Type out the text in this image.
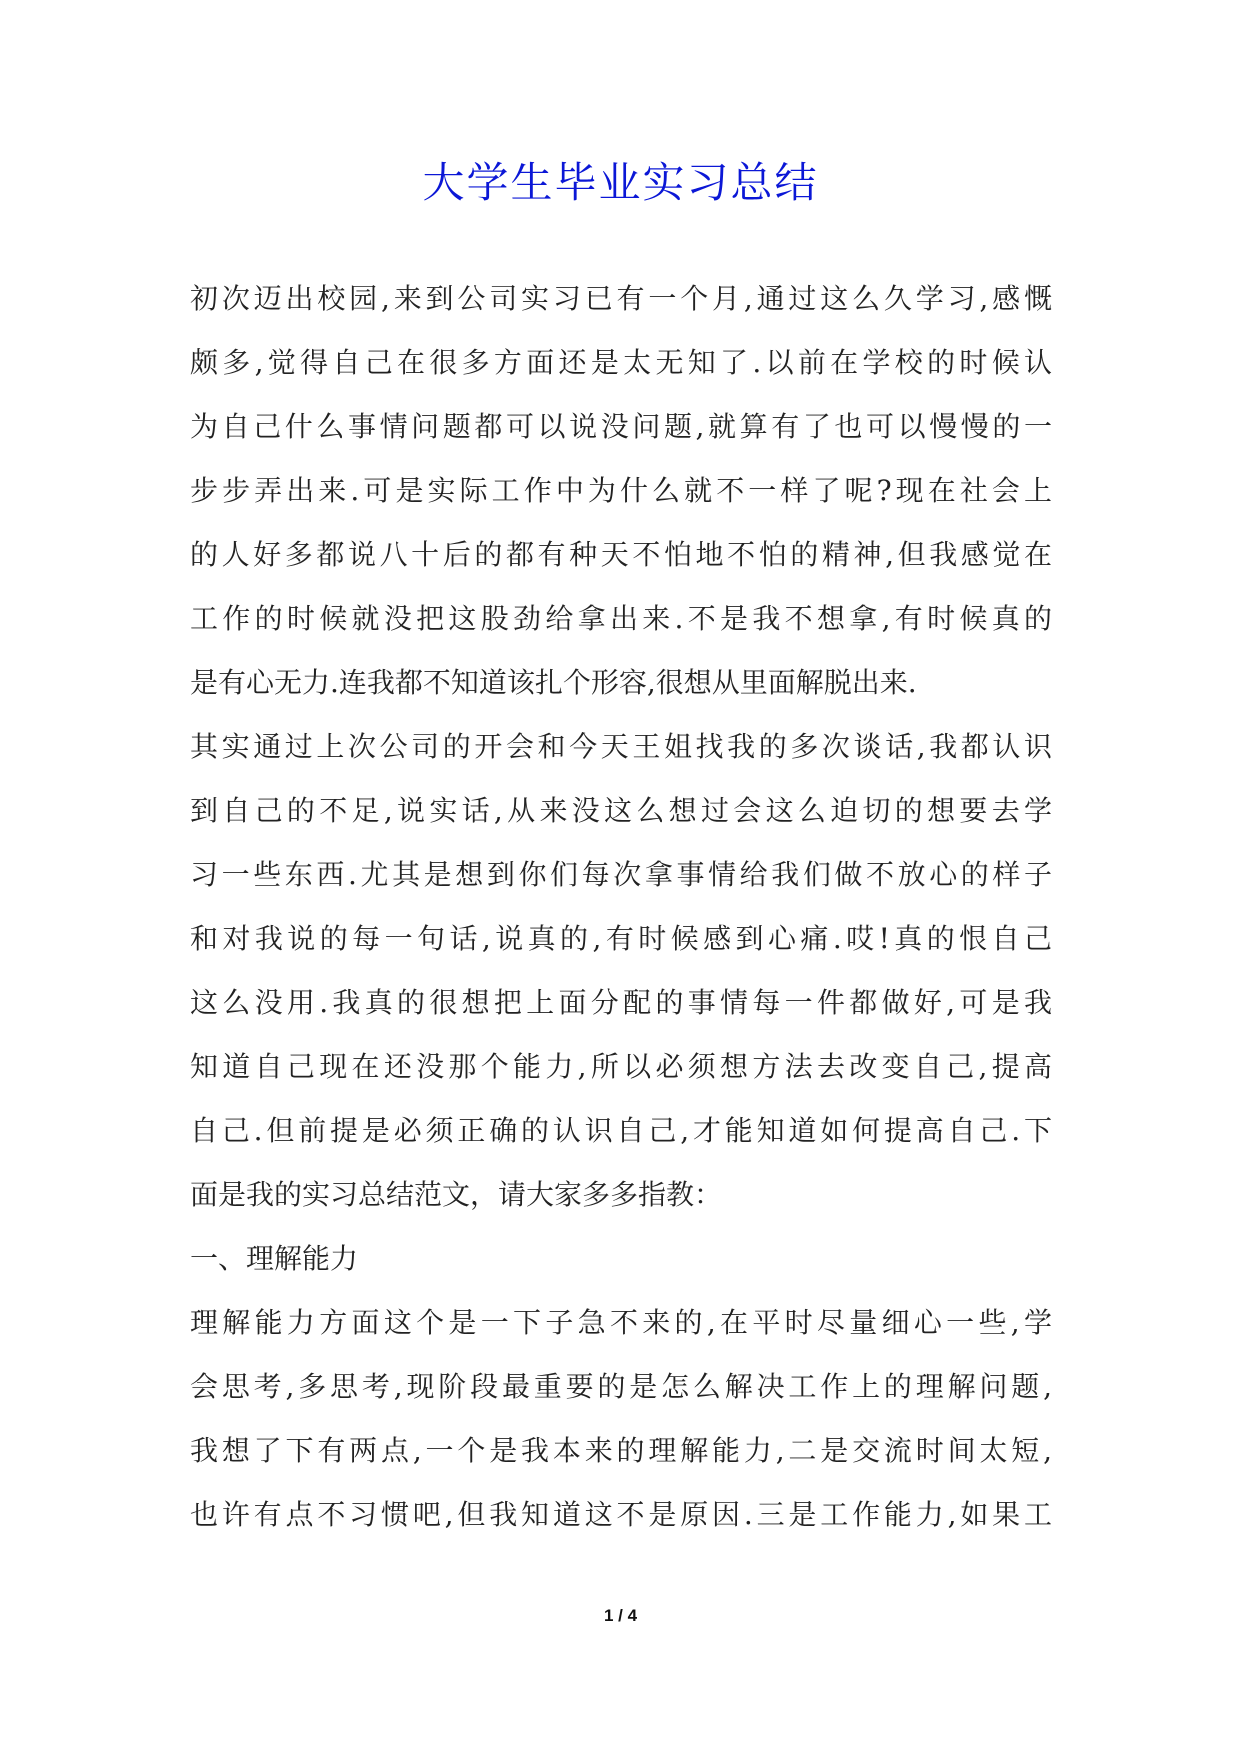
大学生毕业实习总结
初次迈出校园,来到公司实习已有一个月,通过这么久学习,感慨
颇多,觉得自己在很多方面还是太无知了.以前在学校的时候认
为自己什么事情问题都可以说没问题,就算有了也可以慢慢的一
步步弄出来.可是实际工作中为什么就不一样了呢?现在社会上
的人好多都说八十后的都有种天不怕地不怕的精神,但我感觉在
工作的时候就没把这股劲给拿出来.不是我不想拿,有时候真的
是有心无力.连我都不知道该扎个形容,很想从里面解脱出来.
其实通过上次公司的开会和今天王姐找我的多次谈话,我都认识
到自己的不足,说实话,从来没这么想过会这么迫切的想要去学
习一些东西.尤其是想到你们每次拿事情给我们做不放心的样子
和对我说的每一句话,说真的,有时候感到心痛.哎!真的恨自己
这么没用.我真的很想把上面分配的事情每一件都做好,可是我
知道自己现在还没那个能力,所以必须想方法去改变自己,提高
自己.但前提是必须正确的认识自己,才能知道如何提高自己.下
面是我的实习总结范文，请大家多多指教：
一、理解能力
理解能力方面这个是一下子急不来的,在平时尽量细心一些,学
会思考,多思考,现阶段最重要的是怎么解决工作上的理解问题,
我想了下有两点,一个是我本来的理解能力,二是交流时间太短,
也许有点不习惯吧,但我知道这不是原因.三是工作能力,如果工
1 / 4
